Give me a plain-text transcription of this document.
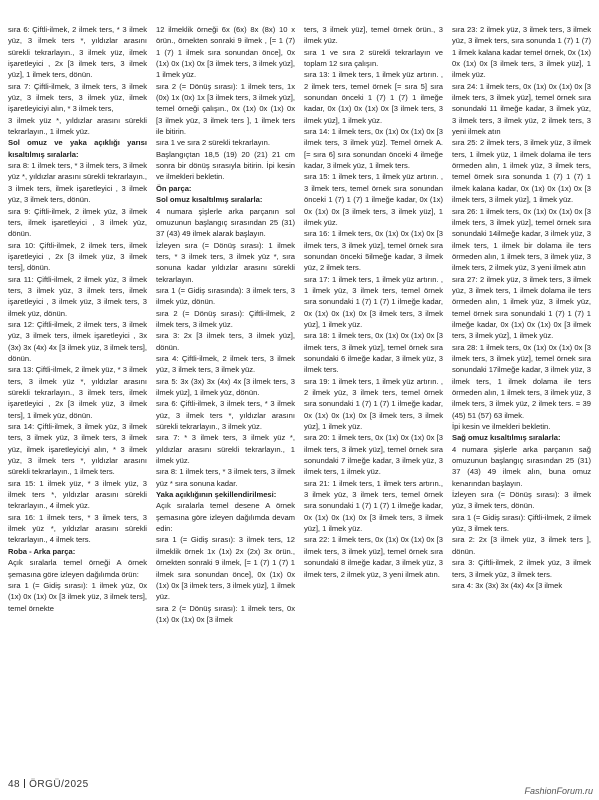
sıra 6: Çiftli-ilmek, 2 ilmek ters, * 3 ilmek yüz, 3 ilmek ters *, yıldızlar arasını sürekli tekrarlayın., 3 ilmek yüz, ilmek işaretleyici , 2x [3 ilmek ters, 3 ilmek yüz], 1 ilmek ters, dönün.

sıra 7: Çiftli-ilmek, 3 ilmek ters, 3 ilmek yüz, 3 ilmek ters, 3 ilmek yüz, ilmek işaretleyiciyi alın, * 3 ilmek ters,

3 ilmek yüz *, yıldızlar arasını sürekli tekrarlayın., 1 ilmek yüz.

Sol omuz ve yaka açıklığı yarısı kısaltılmış sıralarla:

sıra 8: 1 ilmek ters, * 3 ilmek ters, 3 ilmek yüz *, yıldızlar arasını sürekli tekrarlayın., 3 ilmek ters, ilmek işaretleyici , 3 ilmek yüz, 3 ilmek ters, dönün.

sıra 9: Çiftli-ilmek, 2 ilmek yüz, 3 ilmek ters, ilmek işaretleyici , 3 ilmek yüz, dönün.

sıra 10: Çiftli-ilmek, 2 ilmek ters, ilmek işaretleyici , 2x [3 ilmek yüz, 3 ilmek ters], dönün.

sıra 11: Çiftli-ilmek, 2 ilmek yüz, 3 ilmek ters, 3 ilmek yüz, 3 ilmek ters, ilmek işaretleyici , 3 ilmek yüz, 3 ilmek ters, 3 ilmek yüz, dönün.

sıra 12: Çiftli-ilmek, 2 ilmek ters, 3 ilmek yüz, 3 ilmek ters, ilmek işaretleyici , 3x (3x) 3x (4x) 4x [3 ilmek yüz, 3 ilmek ters], dönün.

sıra 13: Çiftli-ilmek, 2 ilmek yüz, * 3 ilmek ters, 3 ilmek yüz *, yıldızlar arasını sürekli tekrarlayın., 3 ilmek ters, ilmek işaretleyici , 2x [3 ilmek yüz, 3 ilmek ters], 1 ilmek yüz, dönün.

sıra 14: Çiftli-ilmek, 3 ilmek yüz, 3 ilmek ters, 3 ilmek yüz, 3 ilmek ters, 3 ilmek yüz, ilmek işaretleyiciyi alın, * 3 ilmek yüz, 3 ilmek ters *, yıldızlar arasını sürekli tekrarlayın., 1 ilmek ters.

sıra 15: 1 ilmek yüz, * 3 ilmek yüz, 3 ilmek ters *, yıldızlar arasını sürekli tekrarlayın., 4 ilmek yüz.

sıra 16: 1 ilmek ters, * 3 ilmek ters, 3 ilmek yüz *, yıldızlar arasını sürekli tekrarlayın., 4 ilmek ters.

Roba - Arka parça:

Açık sıralarla temel örneği A örnek şemasına göre izleyen dağılımda örün:

sıra 1 (= Gidiş sırası): 1 ilmek yüz, 0x (1x) 0x (1x) 0x [3 ilmek yüz, 3 ilmek ters], temel örnekte

12 ilmeklik örneği 6x (6x) 8x (8x) 10 x örün., örnekten sonraki 9 ilmek , [= 1 (7) 1 (7) 1 ilmek sıra sonundan önce], 0x (1x) 0x (1x) 0x [3 ilmek ters, 3 ilmek yüz], 1 ilmek yüz.

sıra 2 (= Dönüş sırası): 1 ilmek ters, 1x (0x) 1x (0x) 1x [3 ilmek ters, 3 ilmek yüz], temel örneği çalışın., 0x (1x) 0x (1x) 0x [3 ilmek yüz, 3 ilmek ters ], 1 ilmek ters ile bitirin.

sıra 1 ve sıra 2 sürekli tekrarlayın.

Başlangıçtan 18,5 (19) 20 (21) 21 cm sonra bir dönüş sırasıyla bitirin. İpi kesin ve ilmekleri bekletin.

Ön parça:

Sol omuz kısaltılmış sıralarla:

4 numara şişlerle arka parçanın sol omuzunun başlangıç sırasından 25 (31) 37 (43) 49 ilmek alarak başlayın.

İzleyen sıra (= Dönüş sırası): 1 ilmek ters, * 3 ilmek ters, 3 ilmek yüz *, sıra sonuna kadar yıldızlar arasını sürekli tekrarlayın.

sıra 1 (= Gidiş sırasında): 3 ilmek ters, 3 ilmek yüz, dönün.

sıra 2 (= Dönüş sırası): Çiftli-ilmek, 2 ilmek ters, 3 ilmek yüz.

sıra 3: 2x [3 ilmek ters, 3 ilmek yüz], dönün.

sıra 4: Çiftli-ilmek, 2 ilmek ters, 3 ilmek yüz, 3 ilmek ters, 3 ilmek yüz.

sıra 5: 3x (3x) 3x (4x) 4x [3 ilmek ters, 3 ilmek yüz], 1 ilmek yüz, dönün.

sıra 6: Çiftli-ilmek, 3 ilmek ters, * 3 ilmek yüz, 3 ilmek ters *, yıldızlar arasını sürekli tekrarlayın., 3 ilmek yüz.

sıra 7: * 3 ilmek ters, 3 ilmek yüz *, yıldızlar arasını sürekli tekrarlayın., 1 ilmek yüz.

sıra 8: 1 ilmek ters, * 3 ilmek ters, 3 ilmek yüz * sıra sonuna kadar.

Yaka açıklığının şekillendirilmesi:

Açık sıralarla temel desene A örnek şemasına göre izleyen dağılımda devam edin:

sıra 1 (= Gidiş sırası): 3 ilmek ters, 12 ilmeklik örnek 1x (1x) 2x (2x) 3x örün., örnekten sonraki 9 ilmek, [= 1 (7) 1 (7) 1 ilmek sıra sonundan önce], 0x (1x) 0x (1x) 0x [3 ilmek ters, 3 ilmek yüz], 1 ilmek yüz.

sıra 2 (= Dönüş sırası): 1 ilmek ters, 0x (1x) 0x (1x) 0x [3 ilmek

ters, 3 ilmek yüz], temel örnek örün., 3 ilmek yüz.

sıra 1 ve sıra 2 sürekli tekrarlayın ve toplam 12 sıra çalışın.

sıra 13: 1 ilmek ters, 1 ilmek yüz artırın. , 2 ilmek ters, temel örnek [= sıra 5] sıra sonundan önceki 1 (7) 1 (7) 1 ilmeğe kadar, 0x (1x) 0x (1x) 0x [3 ilmek ters, 3 ilmek yüz], 1 ilmek yüz.

sıra 14: 1 ilmek ters, 0x (1x) 0x (1x) 0x [3 ilmek ters, 3 ilmek yüz]. Temel örnek A. [= sıra 6] sıra sonundan önceki 4 ilmeğe kadar, 3 ilmek yüz, 1 ilmek ters.

sıra 15: 1 ilmek ters, 1 ilmek yüz artırın. , 3 ilmek ters, temel örnek sıra sonundan önceki 1 (7) 1 (7) 1 ilmeğe kadar, 0x (1x) 0x (1x) 0x [3 ilmek ters, 3 ilmek yüz], 1 ilmek yüz.

sıra 16: 1 ilmek ters, 0x (1x) 0x (1x) 0x [3 ilmek ters, 3 ilmek yüz], temel örnek sıra sonundan önceki 5ilmeğe kadar, 3 ilmek yüz, 2 ilmek ters.

sıra 17: 1 ilmek ters, 1 ilmek yüz artırın. , 1 ilmek yüz, 3 ilmek ters, temel örnek sıra sonundaki 1 (7) 1 (7) 1 ilmeğe kadar, 0x (1x) 0x (1x) 0x [3 ilmek ters, 3 ilmek yüz], 1 ilmek yüz.

sıra 18: 1 ilmek ters, 0x (1x) 0x (1x) 0x [3 ilmek ters, 3 ilmek yüz], temel örnek sıra sonundaki 6 ilmeğe kadar, 3 ilmek yüz, 3 ilmek ters.

sıra 19: 1 ilmek ters, 1 ilmek yüz artırın. , 2 ilmek yüz, 3 ilmek ters, temel örnek sıra sonundaki 1 (7) 1 (7) 1 ilmeğe kadar, 0x (1x) 0x (1x) 0x [3 ilmek ters, 3 ilmek yüz], 1 ilmek yüz.

sıra 20: 1 ilmek ters, 0x (1x) 0x (1x) 0x [3 ilmek ters, 3 ilmek yüz], temel örnek sıra sonundaki 7 ilmeğe kadar, 3 ilmek yüz, 3 ilmek ters, 1 ilmek yüz.

sıra 21: 1 ilmek ters, 1 ilmek ters artırın., 3 ilmek yüz, 3 ilmek ters, temel örnek sıra sonundaki 1 (7) 1 (7) 1 ilmeğe kadar, 0x (1x) 0x (1x) 0x [3 ilmek ters, 3 ilmek yüz], 1 ilmek yüz.

sıra 22: 1 ilmek ters, 0x (1x) 0x (1x) 0x [3 ilmek ters, 3 ilmek yüz], temel örnek sıra sonundaki 8 ilmeğe kadar, 3 ilmek yüz, 3 ilmek ters, 2 ilmek yüz, 3 yeni ilmek atın.

sıra 23: 2 ilmek yüz, 3 ilmek ters, 3 ilmek yüz, 3 ilmek ters, sıra sonunda 1 (7) 1 (7) 1 ilmek kalana kadar temel örnek, 0x (1x) 0x (1x) 0x [3 ilmek ters, 3 ilmek yüz], 1 ilmek yüz.

sıra 24: 1 ilmek ters, 0x (1x) 0x (1x) 0x [3 ilmek ters, 3 ilmek yüz], temel örnek sıra sonundaki 11 ilmeğe kadar, 3 ilmek yüz, 3 ilmek ters, 3 ilmek yüz, 2 ilmek ters, 3 yeni ilmek atın

sıra 25: 2 ilmek ters, 3 ilmek yüz, 3 ilmek ters, 1 ilmek yüz, 1 ilmek dolama ile ters örmeden alın, 1 ilmek yüz, 3 ilmek ters, temel örnek sıra sonunda 1 (7) 1 (7) 1 ilmek kalana kadar, 0x (1x) 0x (1x) 0x [3 ilmek ters, 3 ilmek yüz], 1 ilmek yüz.

sıra 26: 1 ilmek ters, 0x (1x) 0x (1x) 0x [3 ilmek ters, 3 ilmek yüz], temel örnek sıra sonundaki 14ilmeğe kadar, 3 ilmek yüz, 3 ilmek ters, 1 ilmek bir dolama ile ters örmeden alın, 1 ilmek ters, 3 ilmek yüz, 3 ilmek ters, 2 ilmek yüz, 3 yeni ilmek atın

sıra 27: 2 ilmek yüz, 3 ilmek ters, 3 ilmek yüz, 3 ilmek ters, 1 ilmek dolama ile ters örmeden alın, 1 ilmek yüz, 3 ilmek yüz, temel örnek sıra sonundaki 1 (7) 1 (7) 1 ilmeğe kadar, 0x (1x) 0x (1x) 0x [3 ilmek ters, 3 ilmek yüz], 1 ilmek yüz.

sıra 28: 1 ilmek ters, 0x (1x) 0x (1x) 0x [3 ilmek ters, 3 ilmek yüz], temel örnek sıra sonundaki 17ilmeğe kadar, 3 ilmek yüz, 3 ilmek ters, 1 ilmek dolama ile ters örmeden alın, 1 ilmek ters, 3 ilmek yüz, 3 ilmek ters, 3 ilmek yüz, 2 ilmek ters. = 39 (45) 51 (57) 63 ilmek.

İpi kesin ve ilmekleri bekletin.

Sağ omuz kısaltılmış sıralarla:

4 numara şişlerle arka parçanın sağ omuzunun başlangıç sırasından 25 (31) 37 (43) 49 ilmek alın, buna omuz kenarından başlayın.

İzleyen sıra (= Dönüş sırası): 3 ilmek yüz, 3 ilmek ters, dönün.

sıra 1 (= Gidiş sırası): Çiftli-ilmek, 2 ilmek yüz, 3 ilmek ters.

sıra 2: 2x [3 ilmek yüz, 3 ilmek ters ], dönün.

sıra 3: Çiftli-ilmek, 2 ilmek yüz, 3 ilmek ters, 3 ilmek yüz, 3 ilmek ters.

sıra 4: 3x (3x) 3x (4x) 4x [3 ilmek

48 ÖRGÜ/2025
FashionForum.ru
